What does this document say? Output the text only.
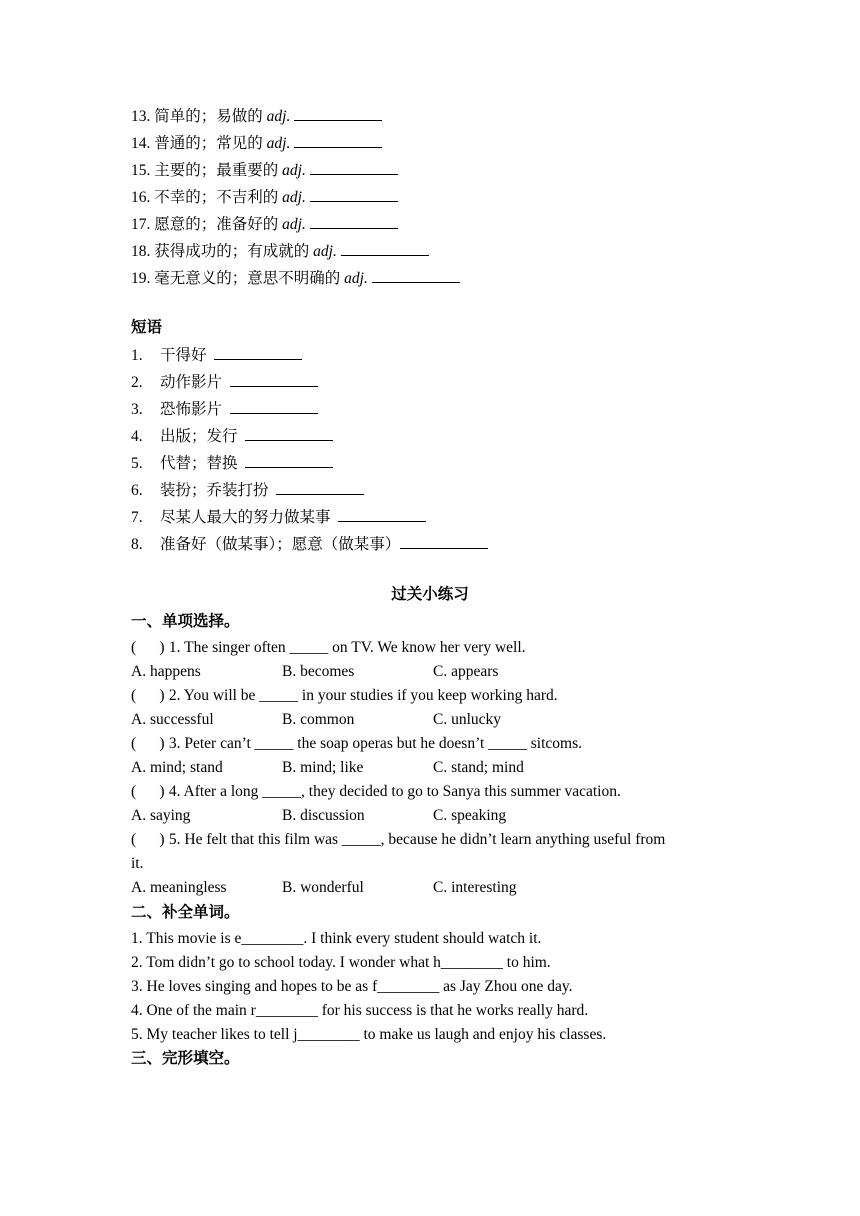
13. 简单的；易做的 adj.
14. 普通的；常见的 adj.
15. 主要的；最重要的 adj.
16. 不幸的；不吉利的 adj.
17. 愿意的；准备好的 adj.
18. 获得成功的；有成就的 adj.
19. 毫无意义的；意思不明确的 adj.
短语
1. 干得好
2. 动作影片
3. 恐怖影片
4. 出版；发行
5. 代替；替换
6. 装扮；乔装打扮
7. 尽某人最大的努力做某事
8. 准备好（做某事）；愿意（做某事）
过关小练习
一、单项选择。
( ) 1. The singer often _____ on TV. We know her very well.
A. happens	B. becomes	C. appears
( ) 2. You will be _____ in your studies if you keep working hard.
A. successful	B. common	C. unlucky
( ) 3. Peter can’t _____ the soap operas but he doesn’t _____ sitcoms.
A. mind; stand	B. mind; like	C. stand; mind
( ) 4. After a long _____, they decided to go to Sanya this summer vacation.
A. saying	B. discussion	C. speaking
( ) 5. He felt that this film was _____, because he didn’t learn anything useful from
it.
A. meaningless	B. wonderful	C. interesting
二、补全单词。
1. This movie is e________. I think every student should watch it.
2. Tom didn’t go to school today. I wonder what h________ to him.
3. He loves singing and hopes to be as f________ as Jay Zhou one day.
4. One of the main r________ for his success is that he works really hard.
5. My teacher likes to tell j________ to make us laugh and enjoy his classes.
三、完形填空。
